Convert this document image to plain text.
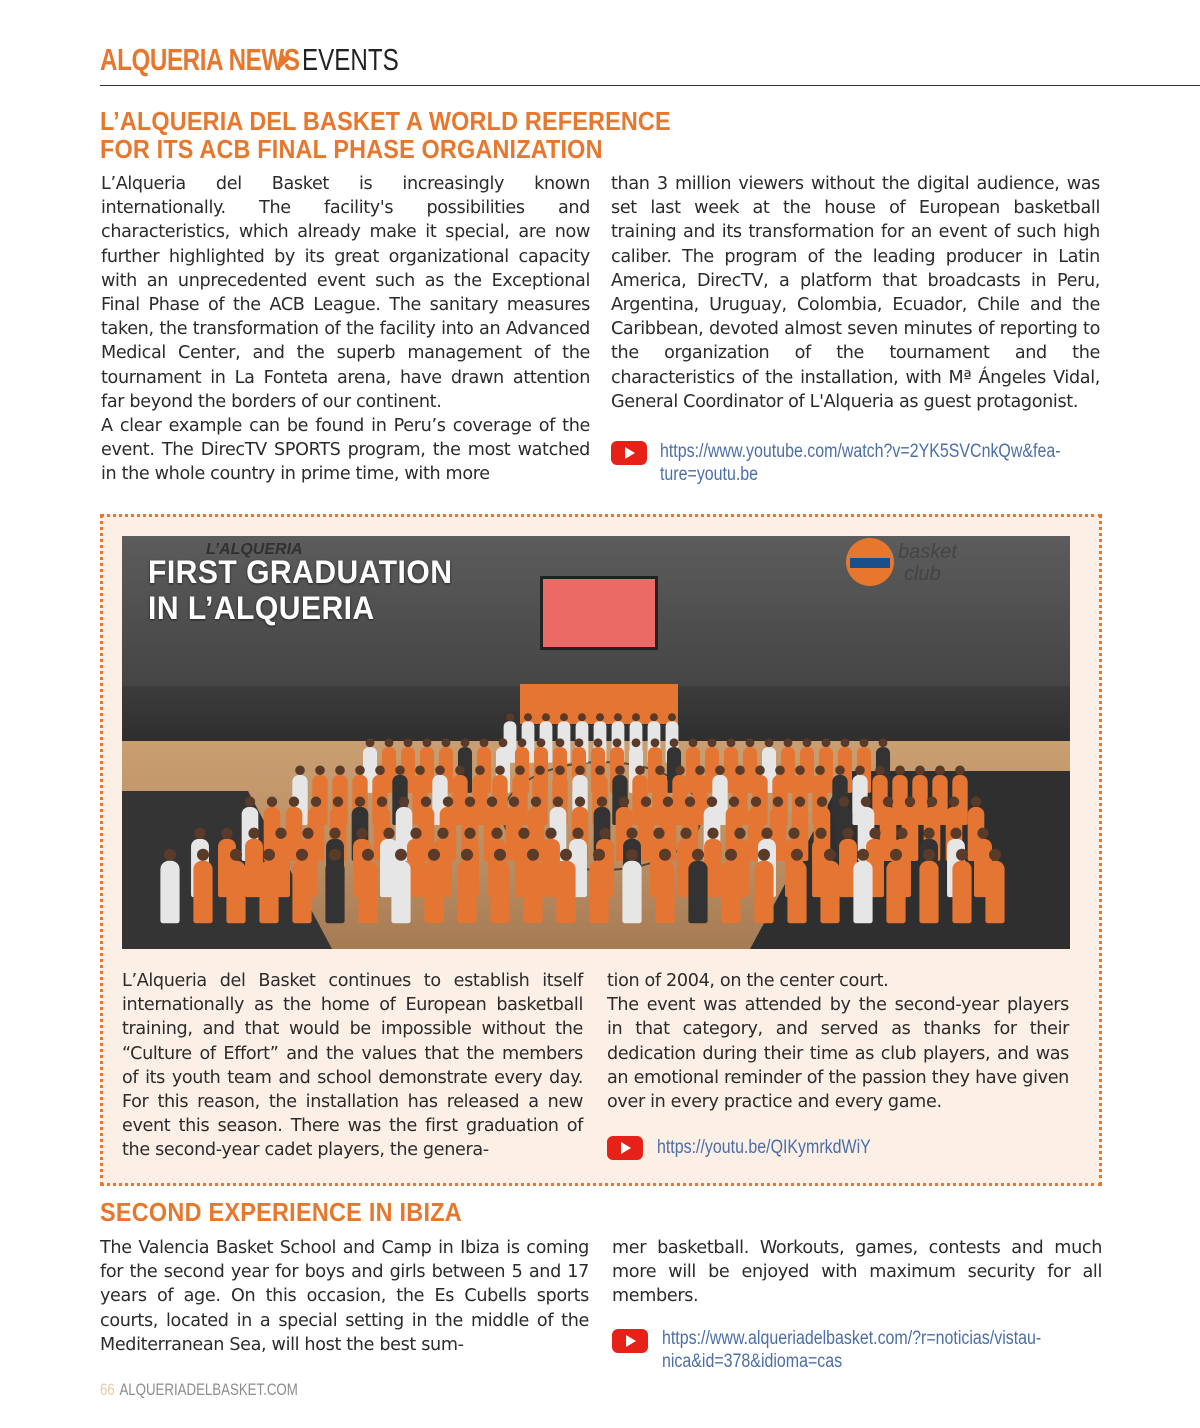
ALQUERIA NEWS EVENTS
L’ALQUERIA DEL BASKET A WORLD REFERENCE
FOR ITS ACB FINAL PHASE ORGANIZATION

L’Alqueria del Basket is increasingly known internationally. The facility's possibilities and characteristics, which already make it special, are now further highlighted by its great organizational capacity with an unprecedented event such as the Exceptional Final Phase of the ACB League. The sanitary measures taken, the transformation of the facility into an Advanced Medical Center, and the superb management of the tournament in La Fonteta arena, have drawn attention far beyond the borders of our continent.

A clear example can be found in Peru’s coverage of the event. The DirecTV SPORTS program, the most watched in the whole country in prime time, with more

than 3 million viewers without the digital audience, was set last week at the house of European basketball training and its transformation for an event of such high caliber. The program of the leading producer in Latin America, DirecTV, a platform that broadcasts in Peru, Argentina, Uruguay, Colombia, Ecuador, Chile and the Caribbean, devoted almost seven minutes of reporting to the organization of the tournament and the characteristics of the installation, with Mª Ángeles Vidal, General Coordinator of L'Alqueria as guest protagonist.

https://www.youtube.com/watch?v=2YK5SVCnkQw&fea-
ture=youtu.be
L’ALQUERIA	basket
club
FIRST GRADUATION
IN L’ALQUERIA

L’Alqueria del Basket continues to establish itself internationally as the home of European basketball training, and that would be impossible without the “Culture of Effort” and the values that the members of its youth team and school demonstrate every day. For this reason, the installation has released a new event this season. There was the first graduation of the second-year cadet players, the genera-

tion of 2004, on the center court.

The event was attended by the second-year players in that category, and served as thanks for their dedication during their time as club players, and was an emotional reminder of the passion they have given over in every practice and every game.

https://youtu.be/QIKymrkdWiY
SECOND EXPERIENCE IN IBIZA

The Valencia Basket School and Camp in Ibiza is coming for the second year for boys and girls between 5 and 17 years of age. On this occasion, the Es Cubells sports courts, located in a special setting in the middle of the Mediterranean Sea, will host the best sum-

mer basketball. Workouts, games, contests and much more will be enjoyed with maximum security for all members.

https://www.alqueriadelbasket.com/?r=noticias/vistau-
nica&id=378&idioma=cas
66 ALQUERIADELBASKET.COM
